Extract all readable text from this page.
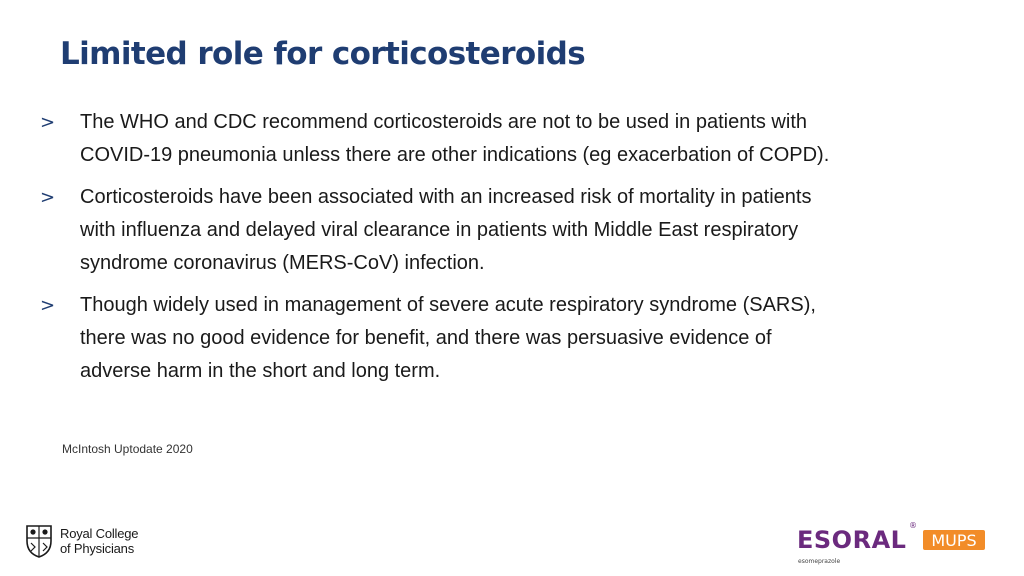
Limited role for corticosteroids
> The WHO and CDC recommend corticosteroids are not to be used in patients with
COVID-19 pneumonia unless there are other indications (eg exacerbation of COPD).
> Corticosteroids have been associated with an increased risk of mortality in patients
with influenza and delayed viral clearance in patients with Middle East respiratory
syndrome coronavirus (MERS-CoV) infection.
> Though widely used in management of severe acute respiratory syndrome (SARS),
there was no good evidence for benefit, and there was persuasive evidence of
adverse harm in the short and long term.
McIntosh Uptodate 2020
Royal College
of Physicians	ESORAL
®
MUPS
esomeprazole
